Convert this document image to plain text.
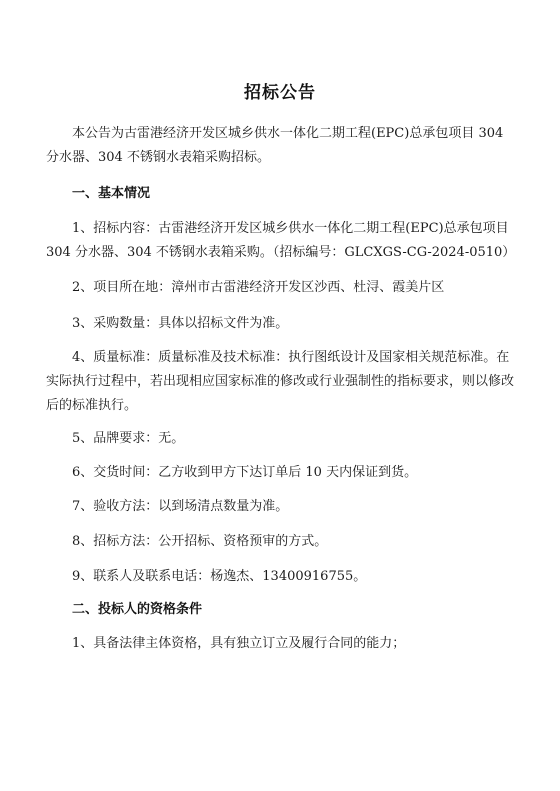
招标公告
本公告为古雷港经济开发区城乡供水一体化二期工程(EPC)总承包项目 304 分水器、304 不锈钢水表箱采购招标。
一、基本情况
1、招标内容：古雷港经济开发区城乡供水一体化二期工程(EPC)总承包项目 304 分水器、304 不锈钢水表箱采购。（招标编号：GLCXGS-CG-2024-0510）
2、项目所在地：漳州市古雷港经济开发区沙西、杜浔、霞美片区
3、采购数量：具体以招标文件为准。
4、质量标准：质量标准及技术标准：执行图纸设计及国家相关规范标准。在实际执行过程中，若出现相应国家标准的修改或行业强制性的指标要求，则以修改后的标准执行。
5、品牌要求：无。
6、交货时间：乙方收到甲方下达订单后 10 天内保证到货。
7、验收方法：以到场清点数量为准。
8、招标方法：公开招标、资格预审的方式。
9、联系人及联系电话：杨逸杰、13400916755。
二、投标人的资格条件
1、具备法律主体资格，具有独立订立及履行合同的能力；
